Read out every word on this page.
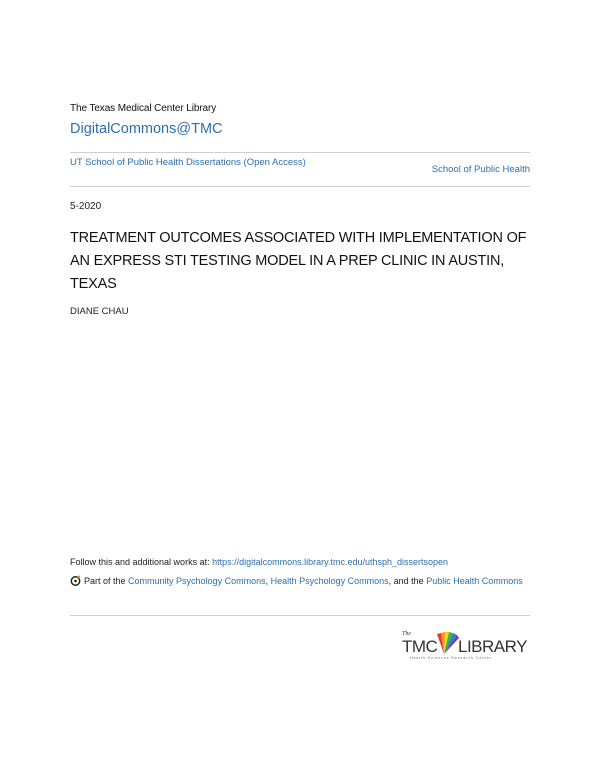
The Texas Medical Center Library
DigitalCommons@TMC
UT School of Public Health Dissertations (Open Access)
School of Public Health
5-2020
TREATMENT OUTCOMES ASSOCIATED WITH IMPLEMENTATION OF AN EXPRESS STI TESTING MODEL IN A PREP CLINIC IN AUSTIN, TEXAS
DIANE CHAU
Follow this and additional works at: https://digitalcommons.library.tmc.edu/uthsph_dissertsopen
Part of the Community Psychology Commons, Health Psychology Commons, and the Public Health Commons
The
TMC LIBRARY
Health Sciences Research Center
